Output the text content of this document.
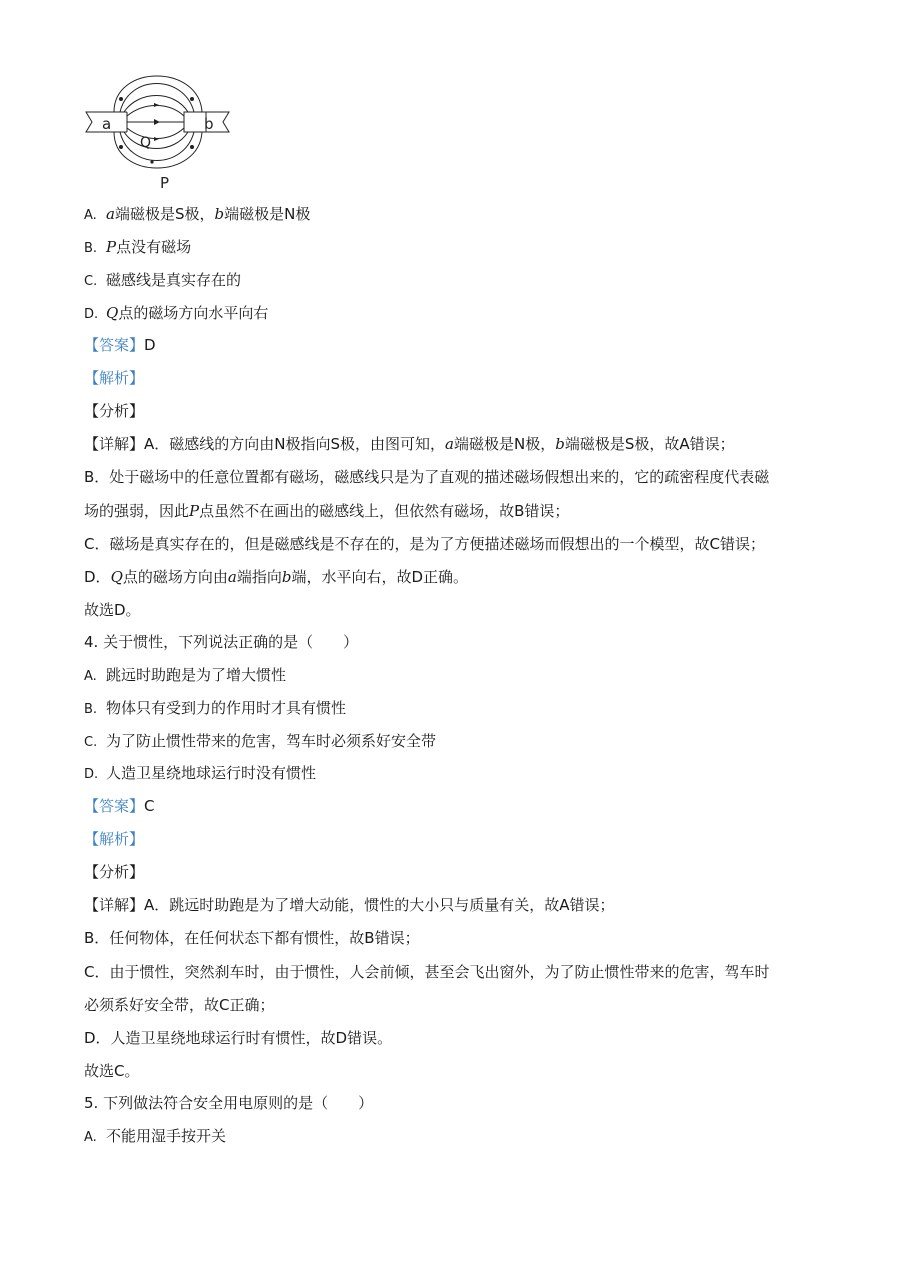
a	b
Q
P
A. a端磁极是S极，b端磁极是N极
B. P点没有磁场
C. 磁感线是真实存在的
D. Q点的磁场方向水平向右
【答案】D
【解析】
【分析】
【详解】A．磁感线的方向由N极指向S极，由图可知，a端磁极是N极，b端磁极是S极，故A错误；
B．处于磁场中的任意位置都有磁场，磁感线只是为了直观的描述磁场假想出来的，它的疏密程度代表磁
场的强弱，因此P点虽然不在画出的磁感线上，但依然有磁场，故B错误；
C．磁场是真实存在的，但是磁感线是不存在的，是为了方便描述磁场而假想出的一个模型，故C错误；
D．Q点的磁场方向由a端指向b端，水平向右，故D正确。
故选D。
4. 关于惯性，下列说法正确的是（　　）
A. 跳远时助跑是为了增大惯性
B. 物体只有受到力的作用时才具有惯性
C. 为了防止惯性带来的危害，驾车时必须系好安全带
D. 人造卫星绕地球运行时没有惯性
【答案】C
【解析】
【分析】
【详解】A．跳远时助跑是为了增大动能，惯性的大小只与质量有关，故A错误；
B．任何物体，在任何状态下都有惯性，故B错误；
C．由于惯性，突然刹车时，由于惯性，人会前倾，甚至会飞出窗外，为了防止惯性带来的危害，驾车时
必须系好安全带，故C正确；
D．人造卫星绕地球运行时有惯性，故D错误。
故选C。
5. 下列做法符合安全用电原则的是（　　）
A. 不能用湿手按开关
